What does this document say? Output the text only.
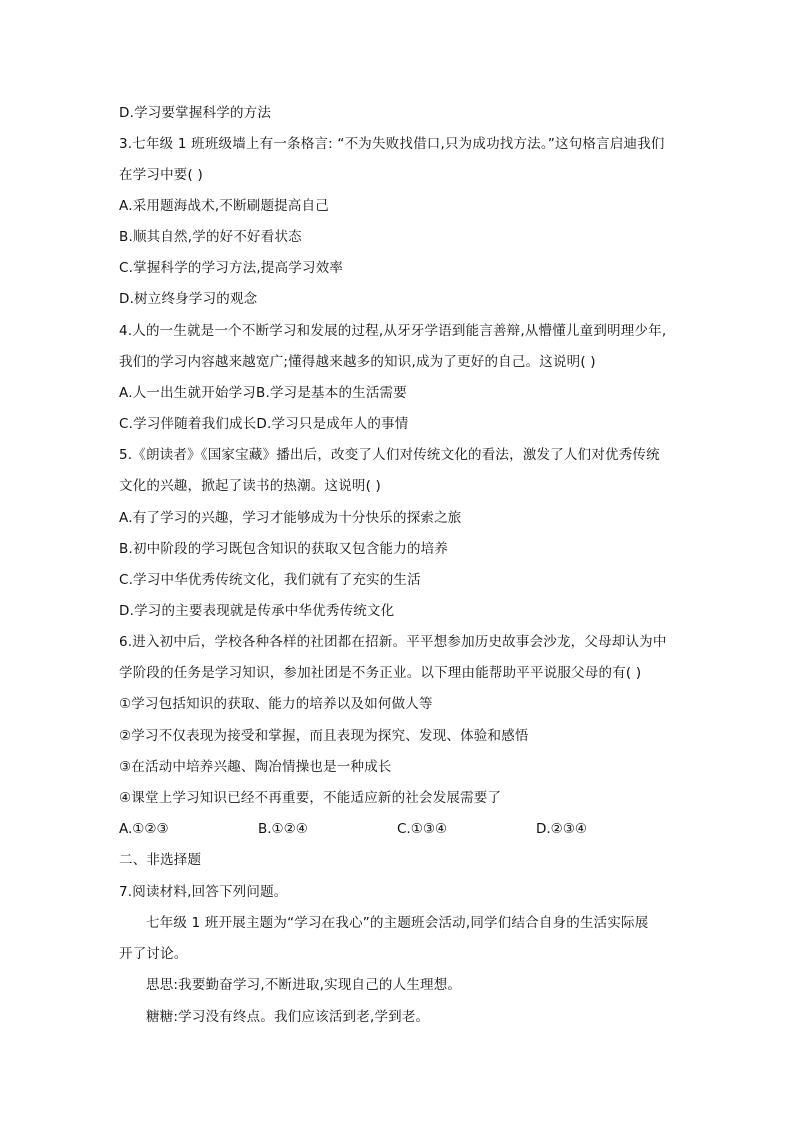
D.学习要掌握科学的方法
3.七年级 1 班班级墙上有一条格言: “不为失败找借口,只为成功找方法。”这句格言启迪我们
在学习中要( )
A.采用题海战术,不断刷题提高自己
B.顺其自然,学的好不好看状态
C.掌握科学的学习方法,提高学习效率
D.树立终身学习的观念
4.人的一生就是一个不断学习和发展的过程,从牙牙学语到能言善辩,从懵懂儿童到明理少年,
我们的学习内容越来越宽广;懂得越来越多的知识,成为了更好的自己。这说明( )
A.人一出生就开始学习B.学习是基本的生活需要
C.学习伴随着我们成长D.学习只是成年人的事情
5.《朗读者》《国家宝藏》播出后，改变了人们对传统文化的看法，激发了人们对优秀传统
文化的兴趣，掀起了读书的热潮。这说明( )
A.有了学习的兴趣，学习才能够成为十分快乐的探索之旅
B.初中阶段的学习既包含知识的获取又包含能力的培养
C.学习中华优秀传统文化，我们就有了充实的生活
D.学习的主要表现就是传承中华优秀传统文化
6.进入初中后，学校各种各样的社团都在招新。平平想参加历史故事会沙龙，父母却认为中
学阶段的任务是学习知识，参加社团是不务正业。以下理由能帮助平平说服父母的有( )
①学习包括知识的获取、能力的培养以及如何做人等
②学习不仅表现为接受和掌握，而且表现为探究、发现、体验和感悟
③在活动中培养兴趣、陶冶情操也是一种成长
④课堂上学习知识已经不再重要，不能适应新的社会发展需要了
A.①②③	B.①②④	C.①③④	D.②③④
二、非选择题
7.阅读材料,回答下列问题。
七年级 1 班开展主题为“学习在我心”的主题班会活动,同学们结合自身的生活实际展
开了讨论。
思思:我要勤奋学习,不断进取,实现自己的人生理想。
糖糖:学习没有终点。我们应该活到老,学到老。
